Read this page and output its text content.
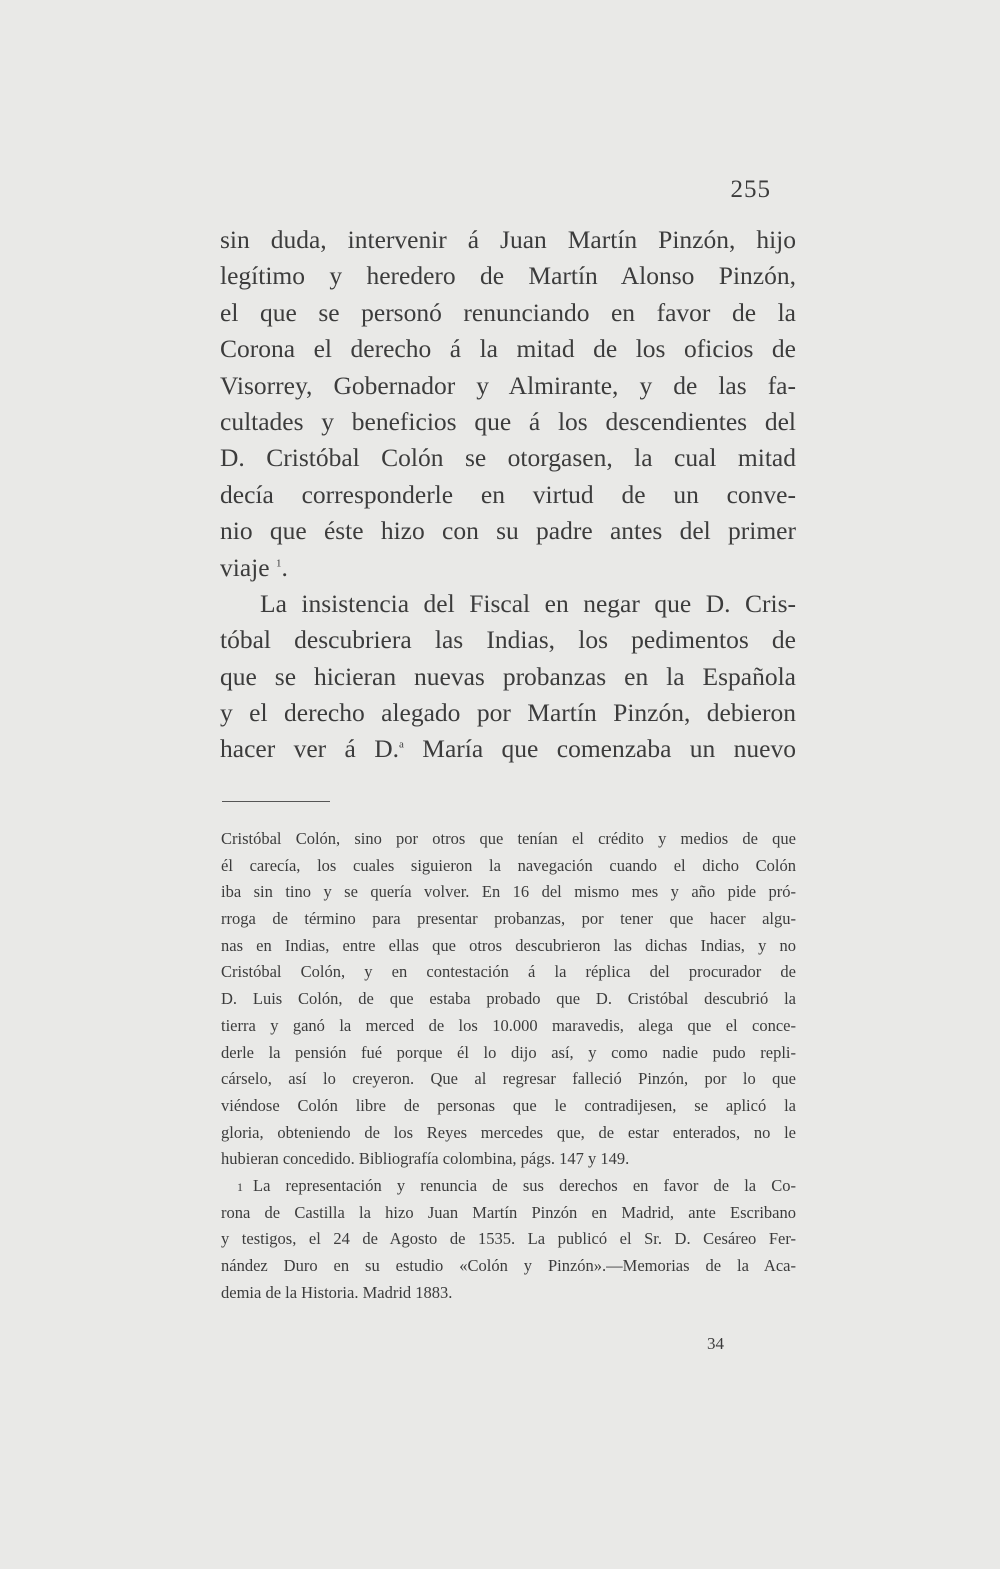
255
sin duda, intervenir á Juan Martín Pinzón, hijo
legítimo y heredero de Martín Alonso Pinzón,
el que se personó renunciando en favor de la
Corona el derecho á la mitad de los oficios de
Visorrey, Gobernador y Almirante, y de las fa-
cultades y beneficios que á los descendientes del
D. Cristóbal Colón se otorgasen, la cual mitad
decía corresponderle en virtud de un conve-
nio que éste hizo con su padre antes del primer
viaje $^1$.
La insistencia del Fiscal en negar que D. Cris-
tóbal descubriera las Indias, los pedimentos de
que se hicieran nuevas probanzas en la Española
y el derecho alegado por Martín Pinzón, debieron
hacer ver á D.$^a$ María que comenzaba un nuevo
Cristóbal Colón, sino por otros que tenían el crédito y medios de que
él carecía, los cuales siguieron la navegación cuando el dicho Colón
iba sin tino y se quería volver. En 16 del mismo mes y año pide pró-
rroga de término para presentar probanzas, por tener que hacer algu-
nas en Indias, entre ellas que otros descubrieron las dichas Indias, y no
Cristóbal Colón, y en contestación á la réplica del procurador de
D. Luis Colón, de que estaba probado que D. Cristóbal descubrió la
tierra y ganó la merced de los 10.000 maravedis, alega que el conce-
derle la pensión fué porque él lo dijo así, y como nadie pudo repli-
cárselo, así lo creyeron. Que al regresar falleció Pinzón, por lo que
viéndose Colón libre de personas que le contradijesen, se aplicó la
gloria, obteniendo de los Reyes mercedes que, de estar enterados, no le
hubieran concedido. Bibliografía colombina, págs. 147 y 149.
1 La representación y renuncia de sus derechos en favor de la Co-
rona de Castilla la hizo Juan Martín Pinzón en Madrid, ante Escribano
y testigos, el 24 de Agosto de 1535. La publicó el Sr. D. Cesáreo Fer-
nández Duro en su estudio «Colón y Pinzón».—Memorias de la Aca-
demia de la Historia. Madrid 1883.
34
